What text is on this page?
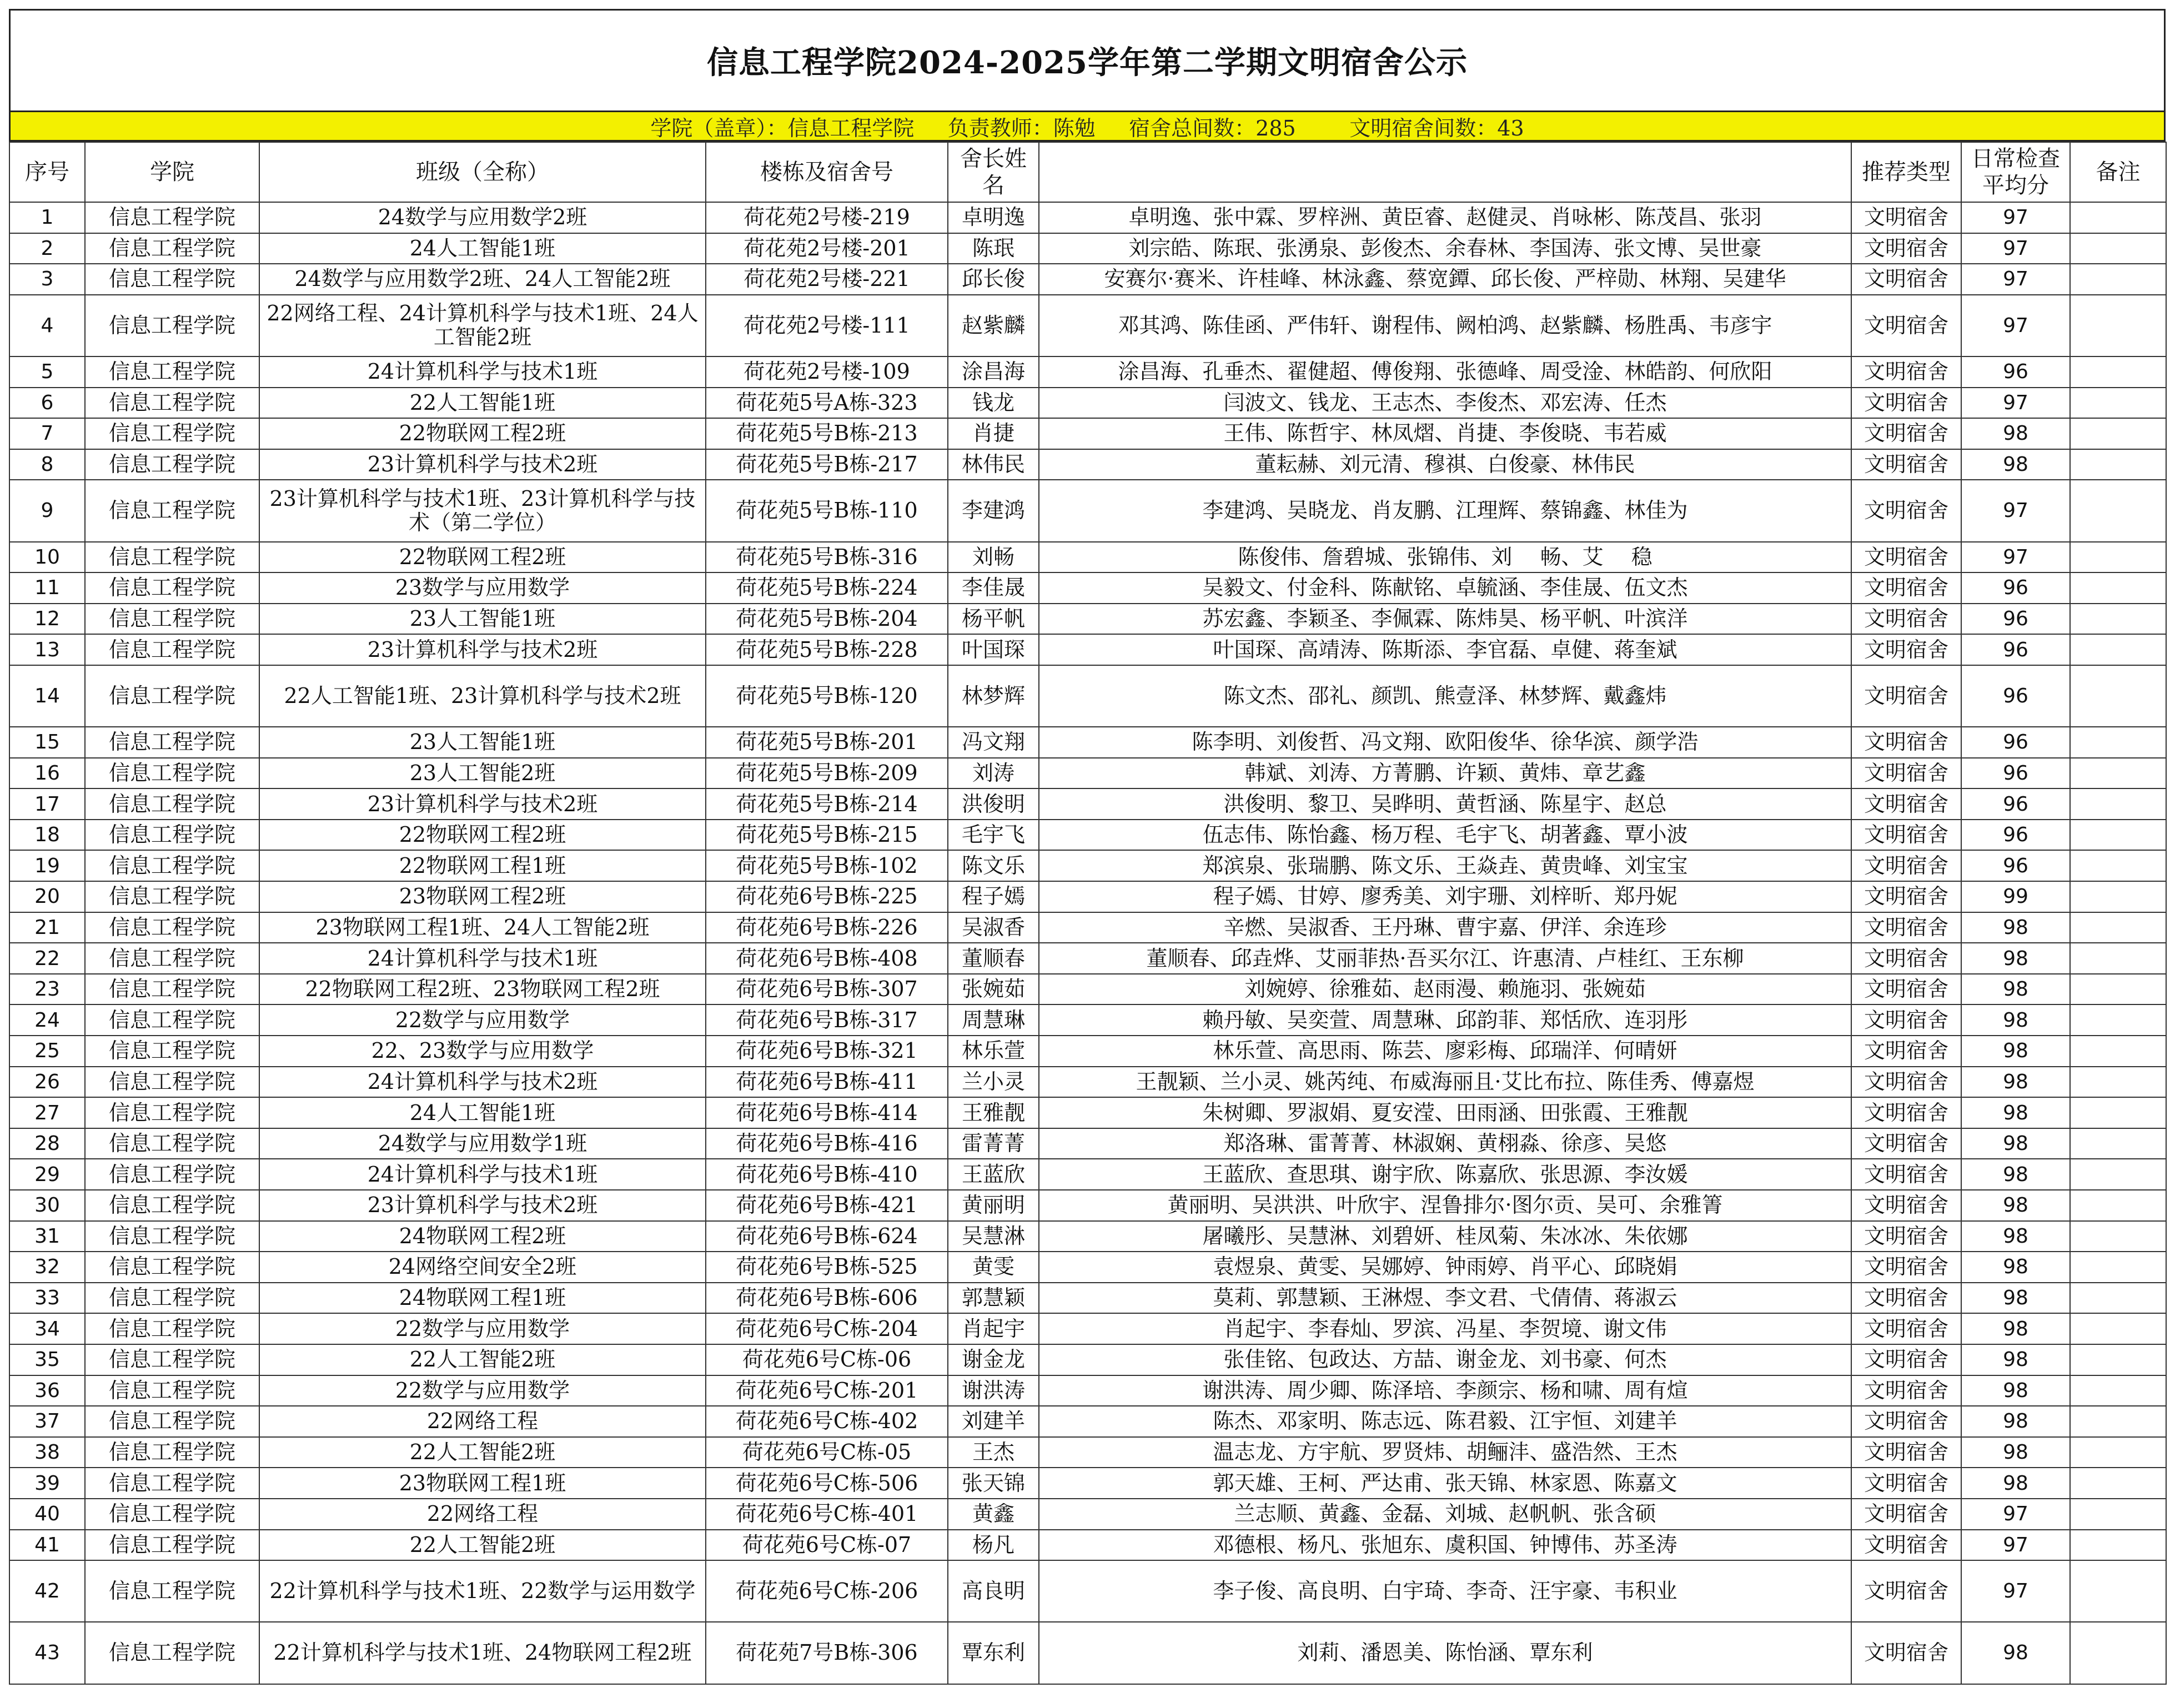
信息工程学院2024-2025学年第二学期文明宿舍公示
学院（盖章）：信息工程学院
负责教师：陈勉
宿舍总间数：285
	文明宿舍间数：43
序号	学院	班级（全称）	楼栋及宿舍号	舍长姓名		推荐类型	日常检查平均分	备注
1	信息工程学院	24数学与应用数学2班	荷花苑2号楼-219	卓明逸	卓明逸、张中霖、罗梓洲、黄臣睿、赵健灵、肖咏彬、陈茂昌、张羽	文明宿舍	97	
2	信息工程学院	24人工智能1班	荷花苑2号楼-201	陈珉	刘宗皓、陈珉、张湧泉、彭俊杰、余春林、李国涛、张文博、吴世豪	文明宿舍	97	
3	信息工程学院	24数学与应用数学2班、24人工智能2班	荷花苑2号楼-221	邱长俊	安赛尔·赛米、许桂峰、林泳鑫、蔡宽鐔、邱长俊、严梓勋、林翔、吴建华	文明宿舍	97	
4	信息工程学院	22网络工程、24计算机科学与技术1班、24人工智能2班	荷花苑2号楼-111	赵紫麟	邓其鸿、陈佳函、严伟轩、谢程伟、阙柏鸿、赵紫麟、杨胜禹、韦彦宇	文明宿舍	97	
5	信息工程学院	24计算机科学与技术1班	荷花苑2号楼-109	涂昌海	涂昌海、孔垂杰、翟健超、傅俊翔、张德峰、周受淦、林皓韵、何欣阳	文明宿舍	96	
6	信息工程学院	22人工智能1班	荷花苑5号A栋-323	钱龙	闫波文、钱龙、王志杰、李俊杰、邓宏涛、任杰	文明宿舍	97	
7	信息工程学院	22物联网工程2班	荷花苑5号B栋-213	肖捷	王伟、陈哲宇、林凤熠、肖捷、李俊晓、韦若威	文明宿舍	98	
8	信息工程学院	23计算机科学与技术2班	荷花苑5号B栋-217	林伟民	董耘赫、刘元清、穆祺、白俊豪、林伟民	文明宿舍	98	
9	信息工程学院	23计算机科学与技术1班、23计算机科学与技术（第二学位）	荷花苑5号B栋-110	李建鸿	李建鸿、吴晓龙、肖友鹏、江理辉、蔡锦鑫、林佳为	文明宿舍	97	
10	信息工程学院	22物联网工程2班	荷花苑5号B栋-316	刘畅	陈俊伟、詹碧城、张锦伟、刘　 畅、艾　 稳	文明宿舍	97	
11	信息工程学院	23数学与应用数学	荷花苑5号B栋-224	李佳晟	吴毅文、付金科、陈献铭、卓毓涵、李佳晟、伍文杰	文明宿舍	96	
12	信息工程学院	23人工智能1班	荷花苑5号B栋-204	杨平帆	苏宏鑫、李颖圣、李佩霖、陈炜昊、杨平帆、叶滨洋	文明宿舍	96	
13	信息工程学院	23计算机科学与技术2班	荷花苑5号B栋-228	叶国琛	叶国琛、高靖涛、陈斯添、李官磊、卓健、蒋奎斌	文明宿舍	96	
14	信息工程学院	22人工智能1班、23计算机科学与技术2班	荷花苑5号B栋-120	林梦辉	陈文杰、邵礼、颜凯、熊壹泽、林梦辉、戴鑫炜	文明宿舍	96	
15	信息工程学院	23人工智能1班	荷花苑5号B栋-201	冯文翔	陈李明、刘俊哲、冯文翔、欧阳俊华、徐华滨、颜学浩	文明宿舍	96	
16	信息工程学院	23人工智能2班	荷花苑5号B栋-209	刘涛	韩斌、刘涛、方菁鹏、许颖、黄炜、章艺鑫	文明宿舍	96	
17	信息工程学院	23计算机科学与技术2班	荷花苑5号B栋-214	洪俊明	洪俊明、黎卫、吴晔明、黄哲涵、陈星宇、赵总	文明宿舍	96	
18	信息工程学院	22物联网工程2班	荷花苑5号B栋-215	毛宇飞	伍志伟、陈怡鑫、杨万程、毛宇飞、胡著鑫、覃小波	文明宿舍	96	
19	信息工程学院	22物联网工程1班	荷花苑5号B栋-102	陈文乐	郑滨泉、张瑞鹏、陈文乐、王焱垚、黄贵峰、刘宝宝	文明宿舍	96	
20	信息工程学院	23物联网工程2班	荷花苑6号B栋-225	程子嫣	程子嫣、甘婷、廖秀美、刘宇珊、刘梓昕、郑丹妮	文明宿舍	99	
21	信息工程学院	23物联网工程1班、24人工智能2班	荷花苑6号B栋-226	吴淑香	辛燃、吴淑香、王丹琳、曹宇嘉、伊洋、余连珍	文明宿舍	98	
22	信息工程学院	24计算机科学与技术1班	荷花苑6号B栋-408	董顺春	董顺春、邱垚烨、艾丽菲热·吾买尔江、许惠清、卢桂红、王东柳	文明宿舍	98	
23	信息工程学院	22物联网工程2班、23物联网工程2班	荷花苑6号B栋-307	张婉茹	刘婉婷、徐雅茹、赵雨漫、赖施羽、张婉茹	文明宿舍	98	
24	信息工程学院	22数学与应用数学	荷花苑6号B栋-317	周慧琳	赖丹敏、吴奕萱、周慧琳、邱韵菲、郑恬欣、连羽彤	文明宿舍	98	
25	信息工程学院	22、23数学与应用数学	荷花苑6号B栋-321	林乐萱	林乐萱、高思雨、陈芸、廖彩梅、邱瑞洋、何晴妍	文明宿舍	98	
26	信息工程学院	24计算机科学与技术2班	荷花苑6号B栋-411	兰小灵	王靓颖、兰小灵、姚芮纯、布威海丽且·艾比布拉、陈佳秀、傅嘉煜	文明宿舍	98	
27	信息工程学院	24人工智能1班	荷花苑6号B栋-414	王雅靓	朱树卿、罗淑娟、夏安滢、田雨涵、田张霞、王雅靓	文明宿舍	98	
28	信息工程学院	24数学与应用数学1班	荷花苑6号B栋-416	雷菁菁	郑洛琳、雷菁菁、林淑娴、黄栩淼、徐彦、吴悠	文明宿舍	98	
29	信息工程学院	24计算机科学与技术1班	荷花苑6号B栋-410	王蓝欣	王蓝欣、查思琪、谢宇欣、陈嘉欣、张思源、李汝媛	文明宿舍	98	
30	信息工程学院	23计算机科学与技术2班	荷花苑6号B栋-421	黄丽明	黄丽明、吴洪洪、叶欣宇、涅鲁排尔·图尔贡、吴可、余雅箐	文明宿舍	98	
31	信息工程学院	24物联网工程2班	荷花苑6号B栋-624	吴慧淋	屠曦彤、吴慧淋、刘碧妍、桂凤菊、朱冰冰、朱依娜	文明宿舍	98	
32	信息工程学院	24网络空间安全2班	荷花苑6号B栋-525	黄雯	袁煜泉、黄雯、吴娜婷、钟雨婷、肖平心、邱晓娟	文明宿舍	98	
33	信息工程学院	24物联网工程1班	荷花苑6号B栋-606	郭慧颖	莫莉、郭慧颖、王淋煜、李文君、弋倩倩、蒋淑云	文明宿舍	98	
34	信息工程学院	22数学与应用数学	荷花苑6号C栋-204	肖起宇	肖起宇、李春灿、罗滨、冯星、李贺境、谢文伟	文明宿舍	98	
35	信息工程学院	22人工智能2班	荷花苑6号C栋-06	谢金龙	张佳铭、包政达、方喆、谢金龙、刘书豪、何杰	文明宿舍	98	
36	信息工程学院	22数学与应用数学	荷花苑6号C栋-201	谢洪涛	谢洪涛、周少卿、陈泽培、李颜宗、杨和啸、周有煊	文明宿舍	98	
37	信息工程学院	22网络工程	荷花苑6号C栋-402	刘建羊	陈杰、邓家明、陈志远、陈君毅、江宇恒、刘建羊	文明宿舍	98	
38	信息工程学院	22人工智能2班	荷花苑6号C栋-05	王杰	温志龙、方宇航、罗贤炜、胡鲡沣、盛浩然、王杰	文明宿舍	98	
39	信息工程学院	23物联网工程1班	荷花苑6号C栋-506	张天锦	郭天雄、王柯、严达甫、张天锦、林家恩、陈嘉文	文明宿舍	98	
40	信息工程学院	22网络工程	荷花苑6号C栋-401	黄鑫	兰志顺、黄鑫、金磊、刘城、赵帆帆、张含硕	文明宿舍	97	
41	信息工程学院	22人工智能2班	荷花苑6号C栋-07	杨凡	邓德根、杨凡、张旭东、虞积国、钟博伟、苏圣涛	文明宿舍	97	
42	信息工程学院	22计算机科学与技术1班、22数学与运用数学	荷花苑6号C栋-206	高良明	李子俊、高良明、白宇琦、李奇、汪宇豪、韦积业	文明宿舍	97	
43	信息工程学院	22计算机科学与技术1班、24物联网工程2班	荷花苑7号B栋-306	覃东利	刘莉、潘恩美、陈怡涵、覃东利	文明宿舍	98	
